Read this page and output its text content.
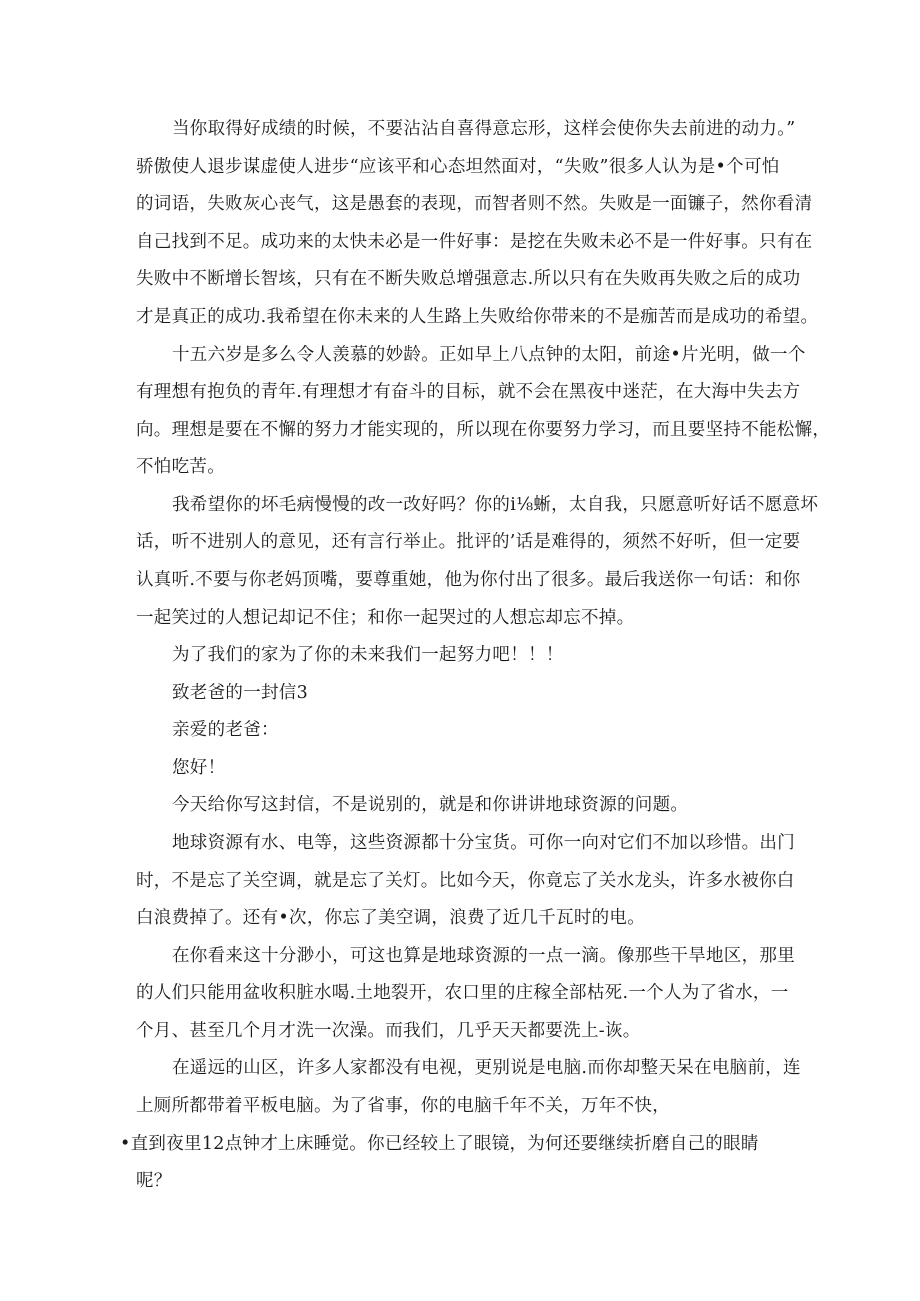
当你取得好成绩的时候，不要沾沾自喜得意忘形，这样会使你失去前进的动力。”
骄傲使人退步谋虚使人进步“应该平和心态坦然面对，“失败”很多人认为是•个可怕
的词语，失败灰心丧气，这是愚套的表现，而智者则不然。失败是一面镰子，然你看清
自己找到不足。成功来的太快未必是一件好事：是挖在失败未必不是一件好事。只有在
失败中不断增长智垓，只有在不断失败总增强意志.所以只有在失败再失败之后的成功
才是真正的成功.我希望在你未来的人生路上失败给你带来的不是痂苦而是成功的希望。
十五六岁是多么令人羡慕的妙龄。正如早上八点钟的太阳，前途•片光明，做一个
有理想有抱负的青年.有理想才有奋斗的目标，就不会在黑夜中迷茫，在大海中失去方
向。理想是要在不懈的努力才能实现的，所以现在你要努力学习，而且要坚持不能松懈，
不怕吃苦。
我希望你的坏毛病慢慢的改一改好吗？你的i⅛蜥，太自我，只愿意听好话不愿意坏
话，听不进别人的意见，还有言行举止。批评的’话是难得的，须然不好听，但一定要
认真听.不要与你老妈顶嘴，要尊重她，他为你付出了很多。最后我送你一句话：和你
一起笑过的人想记却记不住；和你一起哭过的人想忘却忘不掉。
为了我们的家为了你的未来我们一起努力吧！！！
致老爸的一封信3
亲爱的老爸：
您好！
今天给你写这封信，不是说别的，就是和你讲讲地球资源的问题。
地球资源有水、电等，这些资源都十分宝货。可你一向对它们不加以珍惜。出门
时，不是忘了关空调，就是忘了关灯。比如今天，你竟忘了关水龙头，许多水被你白
白浪费掉了。还有•次，你忘了美空调，浪费了近几千瓦时的电。
在你看来这十分渺小，可这也算是地球资源的一点一滴。像那些干旱地区，那里
的人们只能用盆收积脏水喝.土地裂开，农口里的庄稼全部枯死.一个人为了省水，一
个月、甚至几个月才洗一次澡。而我们，几乎天天都要洗上-诙。
在遥远的山区，许多人家都没有电视，更别说是电脑.而你却整天呆在电脑前，连
上厕所都带着平板电脑。为了省事，你的电脑千年不关，万年不快，
•直到夜里12点钟才上床睡觉。你已经较上了眼镜，为何还要继续折磨自己的眼睛
呢？
